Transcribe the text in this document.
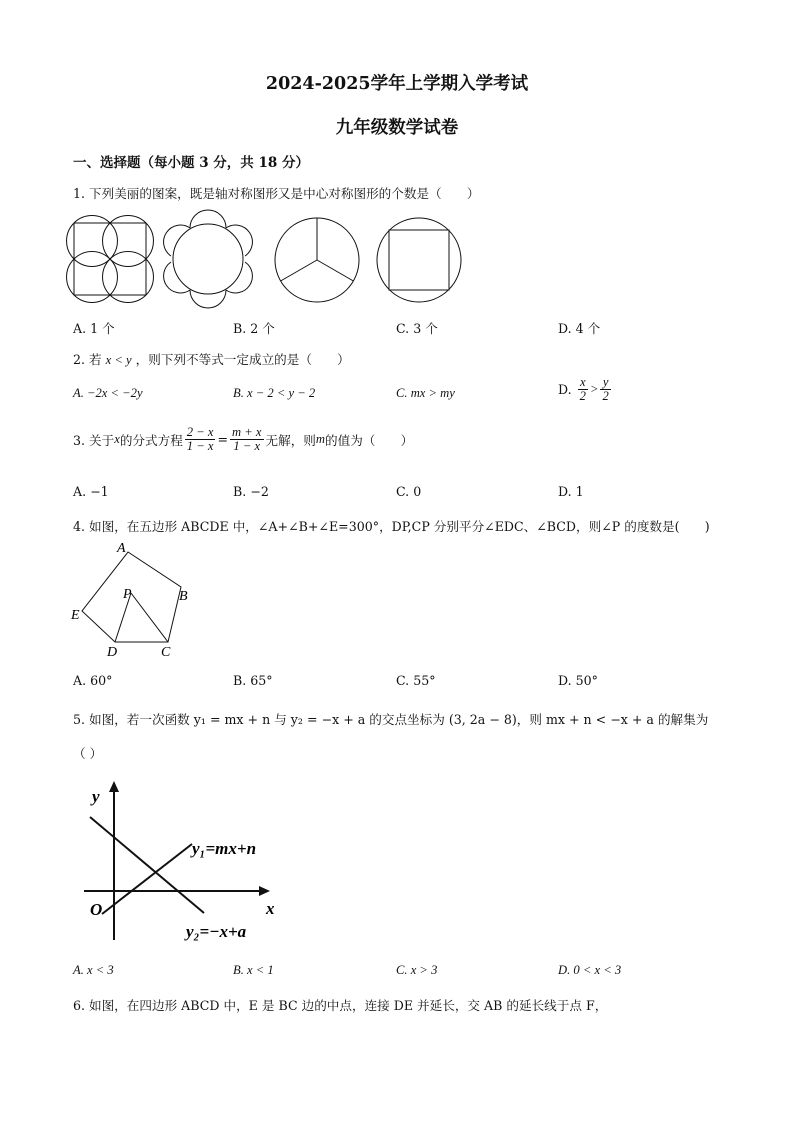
2024-2025学年上学期入学考试
九年级数学试卷
一、选择题（每小题 3 分，共 18 分）
1. 下列美丽的图案，既是轴对称图形又是中心对称图形的个数是（　　）
A. 1 个	B. 2 个	C. 3 个	D. 4 个
2. 若 x < y ，则下列不等式一定成立的是（　　）
A. −2x < −2y	B. x − 2 < y − 2	C. mx > my	D. $\frac{x}{2} > \frac{y}{2}$
3. 关于x的分式方程 $\frac{2 - x}{1 - x} = \frac{m + x}{1 - x}$ 无解，则m的值为（　　）
A. −1	B. −2	C. 0	D. 1
4. 如图，在五边形 ABCDE 中，∠A+∠B+∠E=300°，DP,CP 分别平分∠EDC、∠BCD，则∠P 的度数是(　　)
A
B
C
D
E
P
A. 60°	B. 65°	C. 55°	D. 50°
5. 如图，若一次函数 y₁ = mx + n 与 y₂ = −x + a 的交点坐标为 (3, 2a − 8)，则 mx + n < −x + a 的解集为
（ ）
y
x
O
y₁=mx+n
y₂=−x+a
A. x < 3	B. x < 1	C. x > 3	D. 0 < x < 3
6. 如图，在四边形 ABCD 中，E 是 BC 边的中点，连接 DE 并延长，交 AB 的延长线于点 F，
